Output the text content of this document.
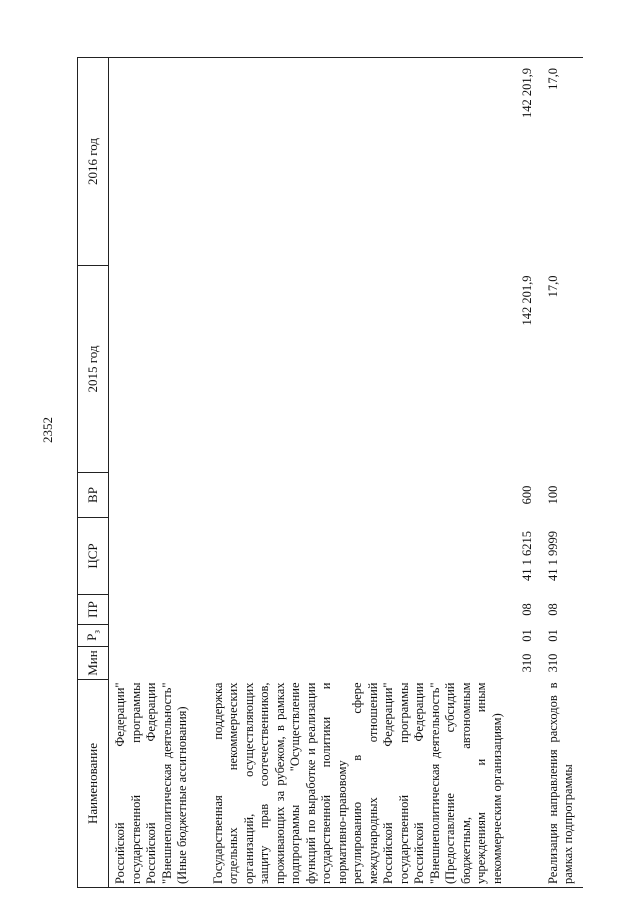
2352
Наименование	Мин	$Р_з$	ПР	ЦСР	ВР	2015 год	2016 год
Российской Федерации" государственной программы Российской Федерации "Внешнеполитическая деятельность" (Иные бюджетные ассигнования)							
Государственная поддержка отдельных некоммерческих организаций, осуществляющих защиту прав соотечественников, проживающих за рубежом, в рамках подпрограммы "Осуществление функций по выработке и реализации государственной политики и нормативно-правовому регулированию в сфере международных отношений Российской Федерации" государственной программы Российской Федерации "Внешнеполитическая деятельность" (Предоставление субсидий бюджетным, автономным учреждениям и иным некоммерческим организациям)	310	01	08	41 1 6215	600	142 201,9	142 201,9
Реализация направления расходов в рамках подпрограммы	310	01	08	41 1 9999	100	17,0	17,0
